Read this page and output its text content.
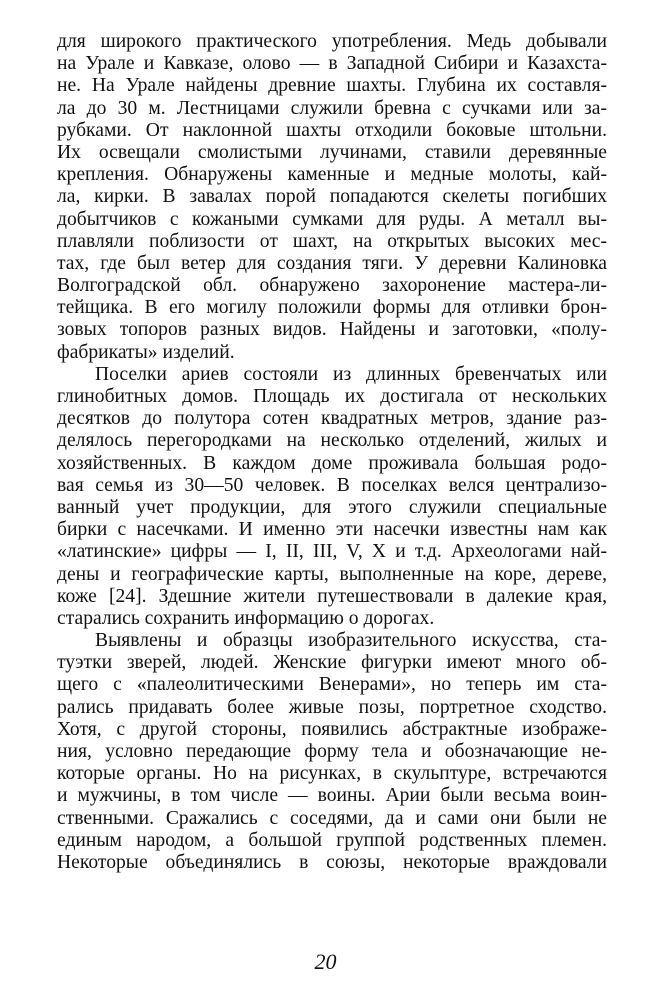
для широкого практического употребления. Медь добывали
на Урале и Кавказе, олово — в Западной Сибири и Казахста-
не. На Урале найдены древние шахты. Глубина их составля-
ла до 30 м. Лестницами служили бревна с сучками или за-
рубками. От наклонной шахты отходили боковые штольни.
Их освещали смолистыми лучинами, ставили деревянные
крепления. Обнаружены каменные и медные молоты, кай-
ла, кирки. В завалах порой попадаются скелеты погибших
добытчиков с кожаными сумками для руды. А металл вы-
плавляли поблизости от шахт, на открытых высоких мес-
тах, где был ветер для создания тяги. У деревни Калиновка
Волгоградской обл. обнаружено захоронение мастера-ли-
тейщика. В его могилу положили формы для отливки брон-
зовых топоров разных видов. Найдены и заготовки, «полу-
фабрикаты» изделий.
Поселки ариев состояли из длинных бревенчатых или
глинобитных домов. Площадь их достигала от нескольких
десятков до полутора сотен квадратных метров, здание раз-
делялось перегородками на несколько отделений, жилых и
хозяйственных. В каждом доме проживала большая родо-
вая семья из 30—50 человек. В поселках велся централизо-
ванный учет продукции, для этого служили специальные
бирки с насечками. И именно эти насечки известны нам как
«латинские» цифры — I, II, III, V, X и т.д. Археологами най-
дены и географические карты, выполненные на коре, дереве,
коже [24]. Здешние жители путешествовали в далекие края,
старались сохранить информацию о дорогах.
Выявлены и образцы изобразительного искусства, ста-
туэтки зверей, людей. Женские фигурки имеют много об-
щего с «палеолитическими Венерами», но теперь им ста-
рались придавать более живые позы, портретное сходство.
Хотя, с другой стороны, появились абстрактные изображе-
ния, условно передающие форму тела и обозначающие не-
которые органы. Но на рисунках, в скульптуре, встречаются
и мужчины, в том числе — воины. Арии были весьма воин-
ственными. Сражались с соседями, да и сами они были не
единым народом, а большой группой родственных племен.
Некоторые объединялись в союзы, некоторые враждовали
20
